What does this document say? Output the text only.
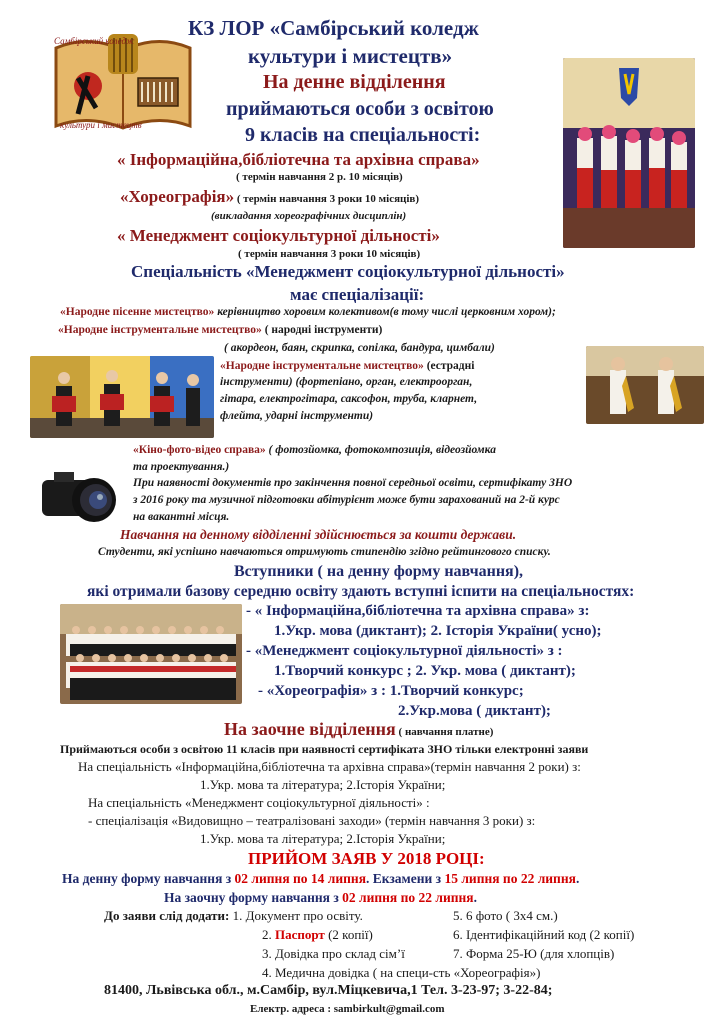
Самбірський коледж
культури і мистецтв
КЗ ЛОР «Самбірський коледж
культури і мистецтв»
На денне відділення
приймаються особи з освітою
9 класів на спеціальності:
« Інформаційна,бібліотечна та архівна справа»
( термін навчання 2 р. 10 місяців)
«Хореографія» ( термін навчання 3 роки 10 місяців)
(викладання хореографічних дисциплін)
« Менеджмент соціокультурної дільності»
( термін навчання 3 роки 10 місяців)
Спеціальність «Менеджмент соціокультурної дільності»
має спеціалізації:
«Народне пісенне мистецтво» керівництво хоровим колективом(в тому числі церковним хором);
«Народне інструментальне мистецтво» ( народні інструменти)
( акордеон, баян, скрипка, сопілка, бандура, цимбали)
«Народне інструментальне мистецтво» (естрадні
інструменти) (фортепіано, орган, електроорган,
гітара, електрогітара, саксофон, труба, кларнет,
флейта, ударні інструменти)
«Кіно-фото-відео справа» ( фотозйомка, фотокомпозиція, відеозйомка
та проектування.)
При наявності документів про закінчення повної середньої освіти, сертифікату ЗНО
з 2016 року та музичної підготовки абітурієнт може бути зарахований на 2-й курс
на вакантні місця.
Навчання на денному відділенні здійснюється за кошти держави.
Студенти, які успішно навчаються отримують стипендію згідно рейтингового списку.
Вступники ( на денну форму навчання),
які отримали базову середню освіту здають вступні іспити на спеціальностях:
- « Інформаційна,бібліотечна та архівна справа» з:
1.Укр. мова (диктант); 2. Історія України( усно);
- «Менеджмент соціокультурної діяльності» з :
1.Творчий конкурс ; 2. Укр. мова ( диктант);
- «Хореографія» з : 1.Творчий конкурс;
2.Укр.мова ( диктант);
На заочне відділення ( навчання платне)
Приймаються особи з освітою 11 класів при наявності сертифіката ЗНО тільки електронні заяви
На спеціальність «Інформаційна,бібліотечна та архівна справа»(термін навчання 2 роки) з:
1.Укр. мова та література; 2.Історія України;
На спеціальність «Менеджмент соціокультурної діяльності» :
- спеціалізація «Видовищно – театралізовані заходи» (термін навчання 3 роки) з:
1.Укр. мова та література; 2.Історія України;
ПРИЙОМ ЗАЯВ У 2018 РОЦІ:
На денну форму навчання з 02 липня по 14 липня. Екзамени з 15 липня по 22 липня.
На заочну форму навчання з 02 липня по 22 липня.
До заяви слід додати: 1. Документ про освіту.	5. 6 фото ( 3х4 см.)
2. Паспорт (2 копії)	6. Ідентифікаційний код (2 копії)
3. Довідка про склад сім’ї	7. Форма 25-Ю (для хлопців)
4. Медична довідка ( на специ-сть «Хореографія»)
81400, Львівська обл., м.Самбір, вул.Міцкевича,1 Тел. 3-23-97; 3-22-84;
Електр. адреса : sambirkult@gmail.com
